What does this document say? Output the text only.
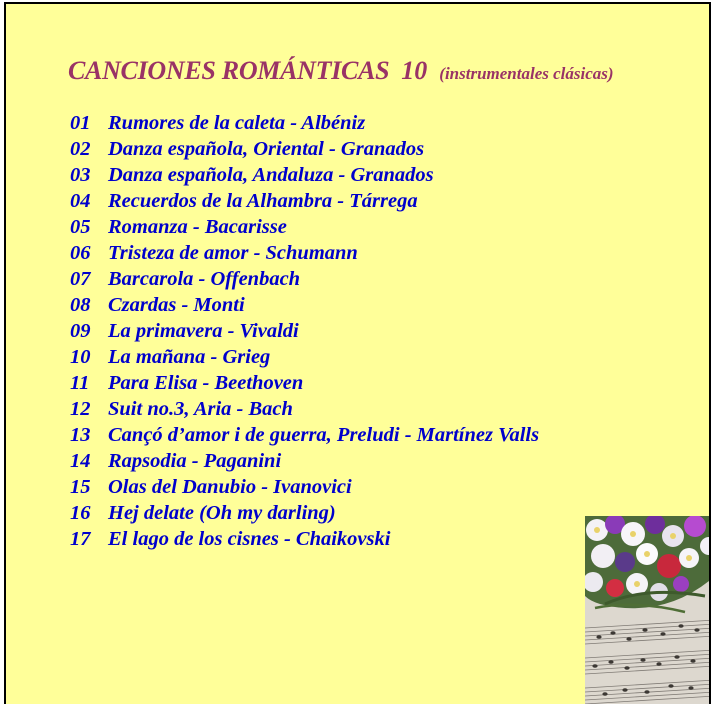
CANCIONES ROMÁNTICAS 10 (instrumentales clásicas)
01 Rumores de la caleta - Albéniz
02 Danza española, Oriental - Granados
03 Danza española, Andaluza - Granados
04 Recuerdos de la Alhambra - Tárrega
05 Romanza - Bacarisse
06 Tristeza de amor - Schumann
07 Barcarola - Offenbach
08 Czardas - Monti
09 La primavera - Vivaldi
10 La mañana - Grieg
11 Para Elisa - Beethoven
12 Suit no.3, Aria - Bach
13 Cançó d’amor i de guerra, Preludi - Martínez Valls
14 Rapsodia - Paganini
15 Olas del Danubio - Ivanovici
16 Hej delate (Oh my darling)
17 El lago de los cisnes - Chaikovski
